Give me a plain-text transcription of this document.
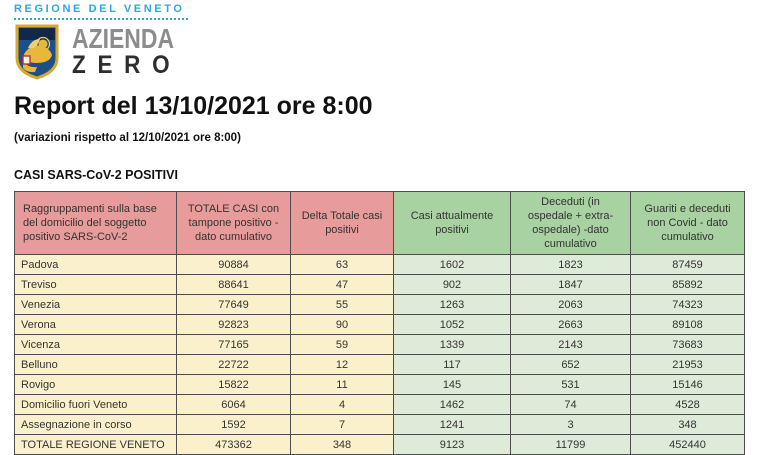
REGIONE DEL VENETO
AZIENDA
ZERO
Report del 13/10/2021 ore 8:00
(variazioni rispetto al 12/10/2021 ore 8:00)
CASI SARS-CoV-2 POSITIVI
Raggruppamenti sulla base del domicilio del soggetto positivo SARS-CoV-2	TOTALE CASI con tampone positivo -dato cumulativo	Delta Totale casi positivi	Casi attualmente positivi	Deceduti (in ospedale + extra-ospedale) -dato cumulativo	Guariti e deceduti non Covid - dato cumulativo
Padova	90884	63	1602	1823	87459
Treviso	88641	47	902	1847	85892
Venezia	77649	55	1263	2063	74323
Verona	92823	90	1052	2663	89108
Vicenza	77165	59	1339	2143	73683
Belluno	22722	12	117	652	21953
Rovigo	15822	11	145	531	15146
Domicilio fuori Veneto	6064	4	1462	74	4528
Assegnazione in corso	1592	7	1241	3	348
TOTALE REGIONE VENETO	473362	348	9123	11799	452440
